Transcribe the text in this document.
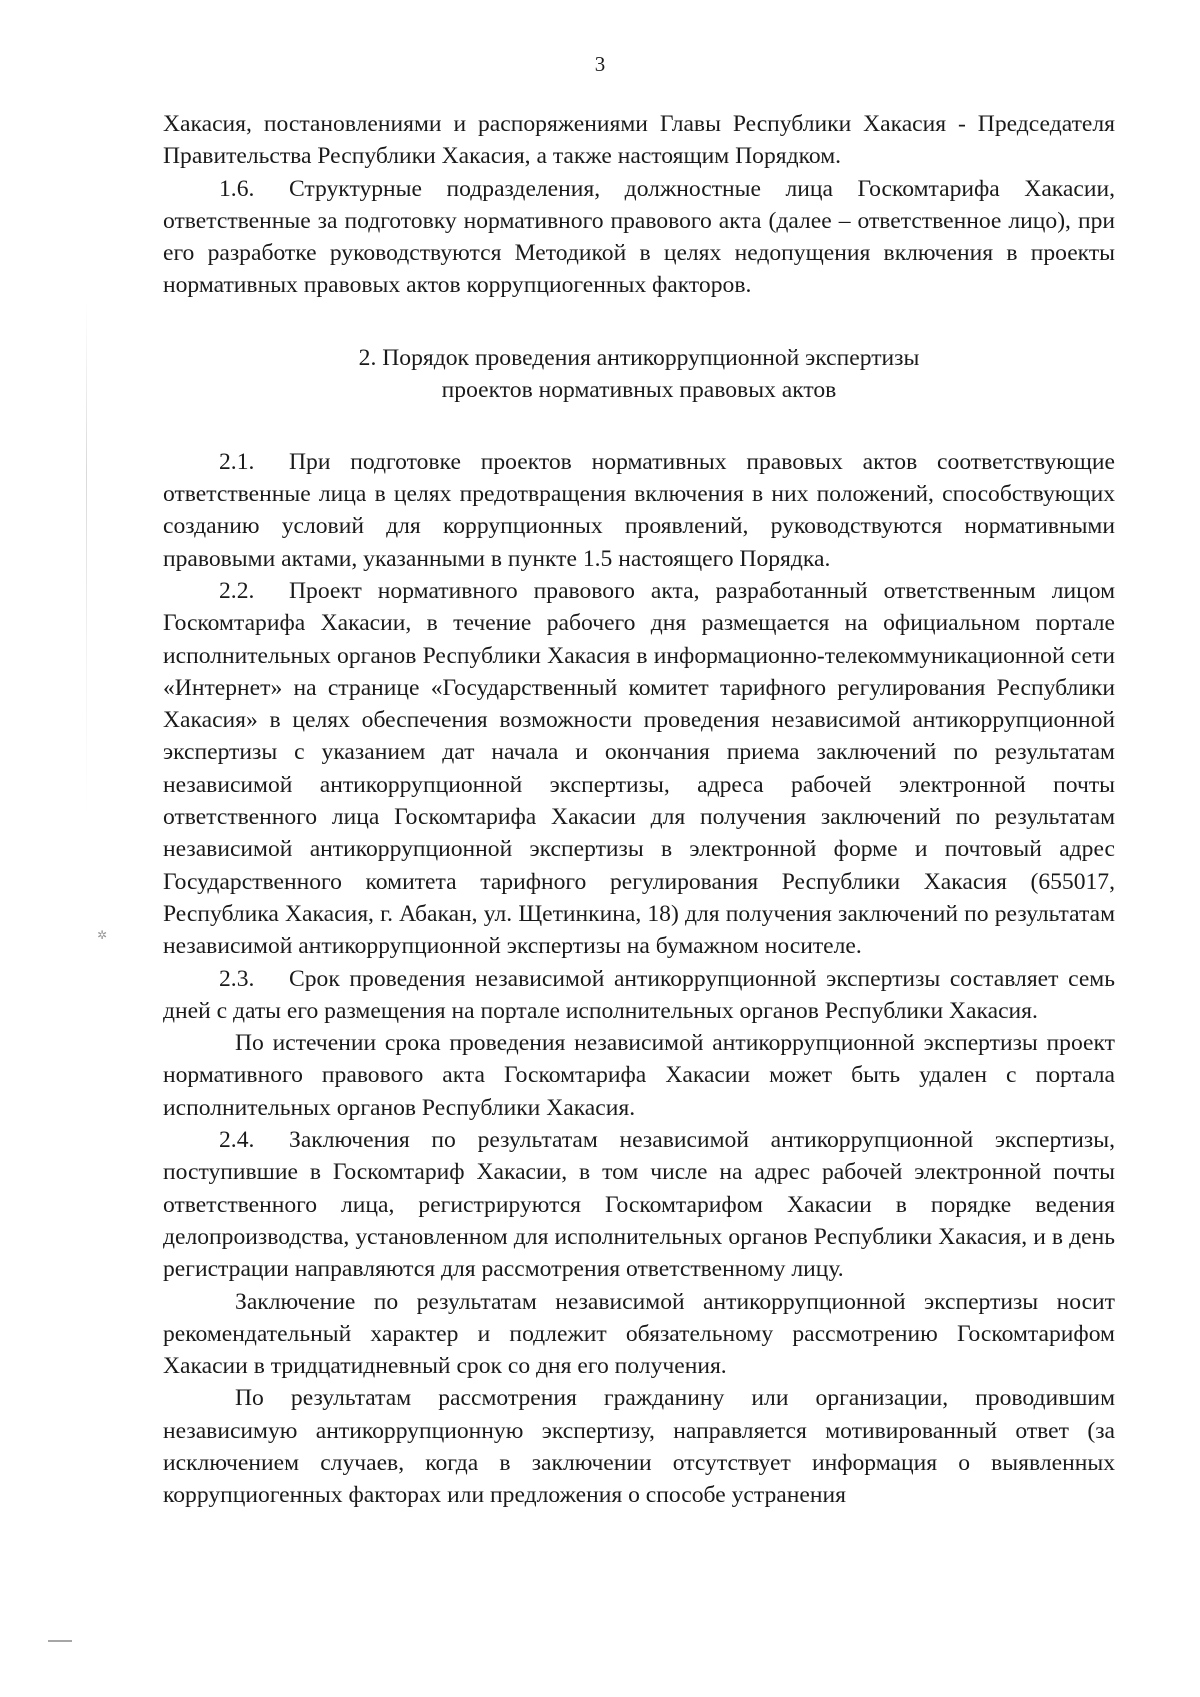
3
✲

Хакасия, постановлениями и распоряжениями Главы Республики Хакасия - Председателя Правительства Республики Хакасия, а также настоящим Порядком.

1.6. Структурные подразделения, должностные лица Госкомтарифа Хакасии, ответственные за подготовку нормативного правового акта (далее – ответственное лицо), при его разработке руководствуются Методикой в целях недопущения включения в проекты нормативных правовых актов коррупциогенных факторов.

2. Порядок проведения антикоррупционной экспертизы
проектов нормативных правовых актов

2.1. При подготовке проектов нормативных правовых актов соответствующие ответственные лица в целях предотвращения включения в них положений, способствующих созданию условий для коррупционных проявлений, руководствуются нормативными правовыми актами, указанными в пункте 1.5 настоящего Порядка.

2.2. Проект нормативного правового акта, разработанный ответственным лицом Госкомтарифа Хакасии, в течение рабочего дня размещается на официальном портале исполнительных органов Республики Хакасия в информационно-телекоммуникационной сети «Интернет» на странице «Государственный комитет тарифного регулирования Республики Хакасия» в целях обеспечения возможности проведения независимой антикоррупционной экспертизы с указанием дат начала и окончания приема заключений по результатам независимой антикоррупционной экспертизы, адреса рабочей электронной почты ответственного лица Госкомтарифа Хакасии для получения заключений по результатам независимой антикоррупционной экспертизы в электронной форме и почтовый адрес Государственного комитета тарифного регулирования Республики Хакасия (655017, Республика Хакасия, г. Абакан, ул. Щетинкина, 18) для получения заключений по результатам независимой антикоррупционной экспертизы на бумажном носителе.

2.3. Срок проведения независимой антикоррупционной экспертизы составляет семь дней с даты его размещения на портале исполнительных органов Республики Хакасия.

По истечении срока проведения независимой антикоррупционной экспертизы проект нормативного правового акта Госкомтарифа Хакасии может быть удален с портала исполнительных органов Республики Хакасия.

2.4. Заключения по результатам независимой антикоррупционной экспертизы, поступившие в Госкомтариф Хакасии, в том числе на адрес рабочей электронной почты ответственного лица, регистрируются Госкомтарифом Хакасии в порядке ведения делопроизводства, установленном для исполнительных органов Республики Хакасия, и в день регистрации направляются для рассмотрения ответственному лицу.

Заключение по результатам независимой антикоррупционной экспертизы носит рекомендательный характер и подлежит обязательному рассмотрению Госкомтарифом Хакасии в тридцатидневный срок со дня его получения.

По результатам рассмотрения гражданину или организации, проводившим независимую антикоррупционную экспертизу, направляется мотивированный ответ (за исключением случаев, когда в заключении отсутствует информация о выявленных коррупциогенных факторах или предложения о способе устранения
